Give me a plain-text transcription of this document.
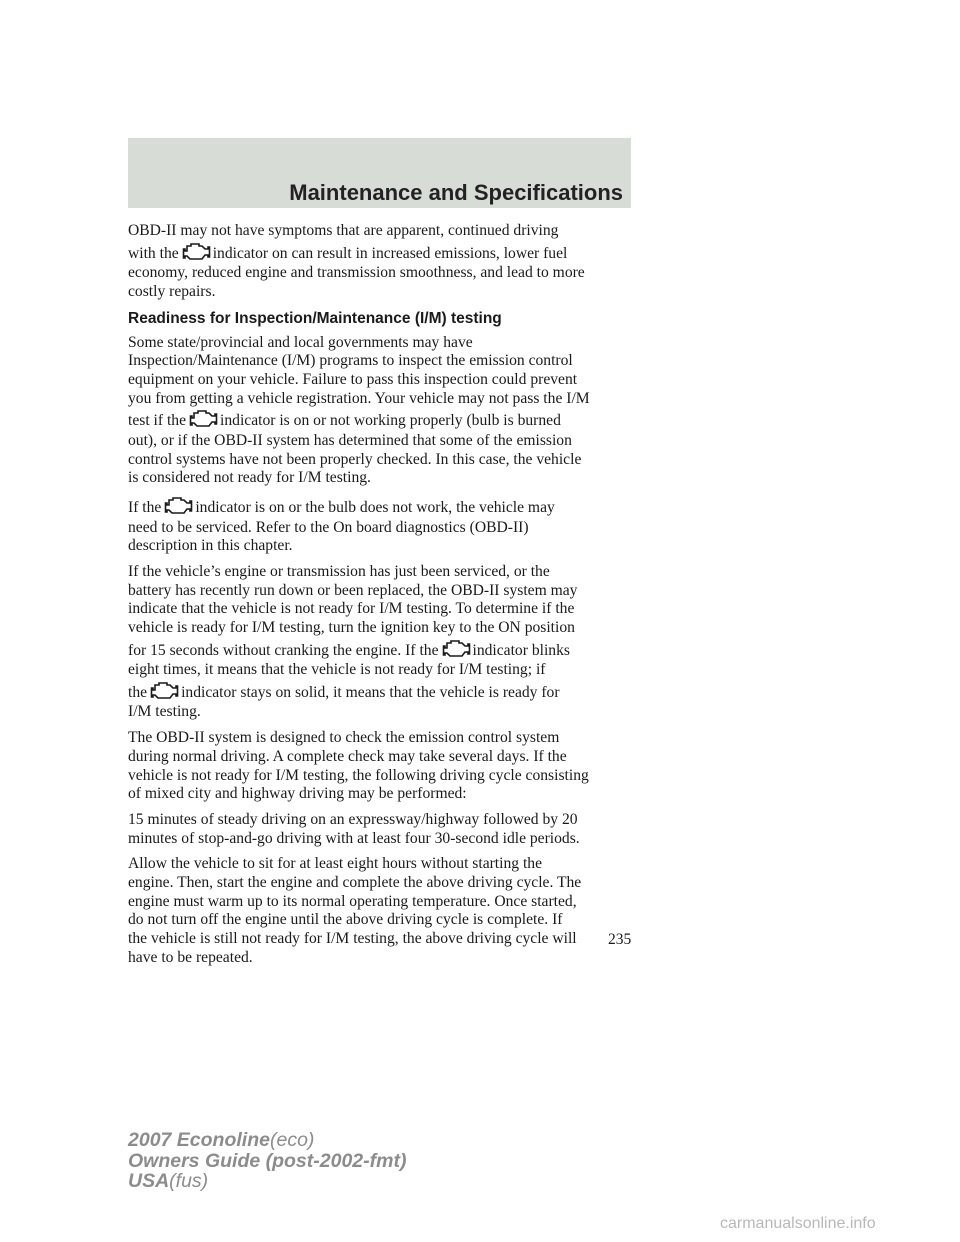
Maintenance and Specifications

OBD-II may not have symptoms that are apparent, continued driving
with the indicator on can result in increased emissions, lower fuel
economy, reduced engine and transmission smoothness, and lead to more
costly repairs.

Readiness for Inspection/Maintenance (I/M) testing

Some state/provincial and local governments may have
Inspection/Maintenance (I/M) programs to inspect the emission control
equipment on your vehicle. Failure to pass this inspection could prevent
you from getting a vehicle registration. Your vehicle may not pass the I/M
test if the indicator is on or not working properly (bulb is burned
out), or if the OBD-II system has determined that some of the emission
control systems have not been properly checked. In this case, the vehicle
is considered not ready for I/M testing.

If the indicator is on or the bulb does not work, the vehicle may
need to be serviced. Refer to the On board diagnostics (OBD-II)
description in this chapter.

If the vehicle’s engine or transmission has just been serviced, or the
battery has recently run down or been replaced, the OBD-II system may
indicate that the vehicle is not ready for I/M testing. To determine if the
vehicle is ready for I/M testing, turn the ignition key to the ON position
for 15 seconds without cranking the engine. If the indicator blinks
eight times, it means that the vehicle is not ready for I/M testing; if
the indicator stays on solid, it means that the vehicle is ready for
I/M testing.

The OBD-II system is designed to check the emission control system
during normal driving. A complete check may take several days. If the
vehicle is not ready for I/M testing, the following driving cycle consisting
of mixed city and highway driving may be performed:

15 minutes of steady driving on an expressway/highway followed by 20
minutes of stop-and-go driving with at least four 30-second idle periods.

Allow the vehicle to sit for at least eight hours without starting the
engine. Then, start the engine and complete the above driving cycle. The
engine must warm up to its normal operating temperature. Once started,
do not turn off the engine until the above driving cycle is complete. If
the vehicle is still not ready for I/M testing, the above driving cycle will
have to be repeated.

235
2007 Econoline(eco)
Owners Guide (post-2002-fmt)
USA(fus)
carmanualsonline.info
